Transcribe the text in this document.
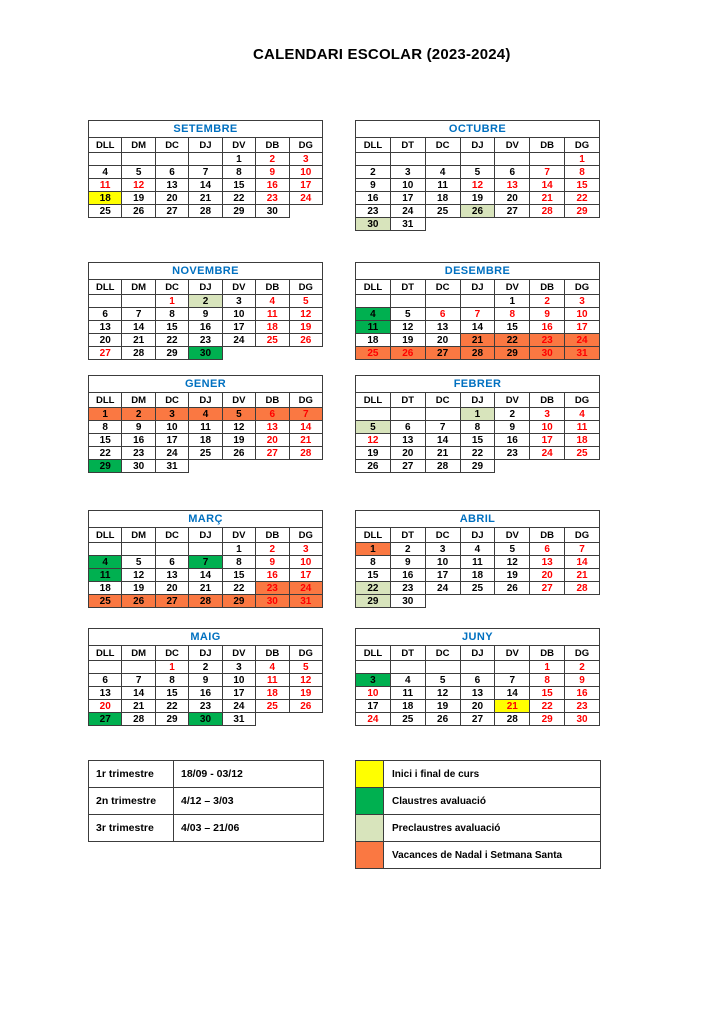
CALENDARI ESCOLAR (2023-2024)
SETEMBRE						
DLL	DM	DC	DJ	DV	DB	DG
				1	2	3
4	5	6	7	8	9	10
11	12	13	14	15	16	17
18	19	20	21	22	23	24
25	26	27	28	29	30	
OCTUBRE						
DLL	DT	DC	DJ	DV	DB	DG
						1
2	3	4	5	6	7	8
9	10	11	12	13	14	15
16	17	18	19	20	21	22
23	24	25	26	27	28	29
30	31					
NOVEMBRE						
DLL	DM	DC	DJ	DV	DB	DG
		1	2	3	4	5
6	7	8	9	10	11	12
13	14	15	16	17	18	19
20	21	22	23	24	25	26
27	28	29	30			
DESEMBRE						
DLL	DT	DC	DJ	DV	DB	DG
				1	2	3
4	5	6	7	8	9	10
11	12	13	14	15	16	17
18	19	20	21	22	23	24
25	26	27	28	29	30	31
GENER						
DLL	DM	DC	DJ	DV	DB	DG
1	2	3	4	5	6	7
8	9	10	11	12	13	14
15	16	17	18	19	20	21
22	23	24	25	26	27	28
29	30	31				
FEBRER						
DLL	DT	DC	DJ	DV	DB	DG
			1	2	3	4
5	6	7	8	9	10	11
12	13	14	15	16	17	18
19	20	21	22	23	24	25
26	27	28	29			
MARÇ						
DLL	DM	DC	DJ	DV	DB	DG
				1	2	3
4	5	6	7	8	9	10
11	12	13	14	15	16	17
18	19	20	21	22	23	24
25	26	27	28	29	30	31
ABRIL						
DLL	DT	DC	DJ	DV	DB	DG
1	2	3	4	5	6	7
8	9	10	11	12	13	14
15	16	17	18	19	20	21
22	23	24	25	26	27	28
29	30					
MAIG						
DLL	DM	DC	DJ	DV	DB	DG
		1	2	3	4	5
6	7	8	9	10	11	12
13	14	15	16	17	18	19
20	21	22	23	24	25	26
27	28	29	30	31		
JUNY						
DLL	DT	DC	DJ	DV	DB	DG
					1	2
3	4	5	6	7	8	9
10	11	12	13	14	15	16
17	18	19	20	21	22	23
24	25	26	27	28	29	30
1r trimestre	18/09 - 03/12
2n trimestre	4/12 – 3/03
3r trimestre	4/03 – 21/06
	Inici i final de curs
	Claustres avaluació
	Preclaustres avaluació
	Vacances de Nadal i Setmana Santa
